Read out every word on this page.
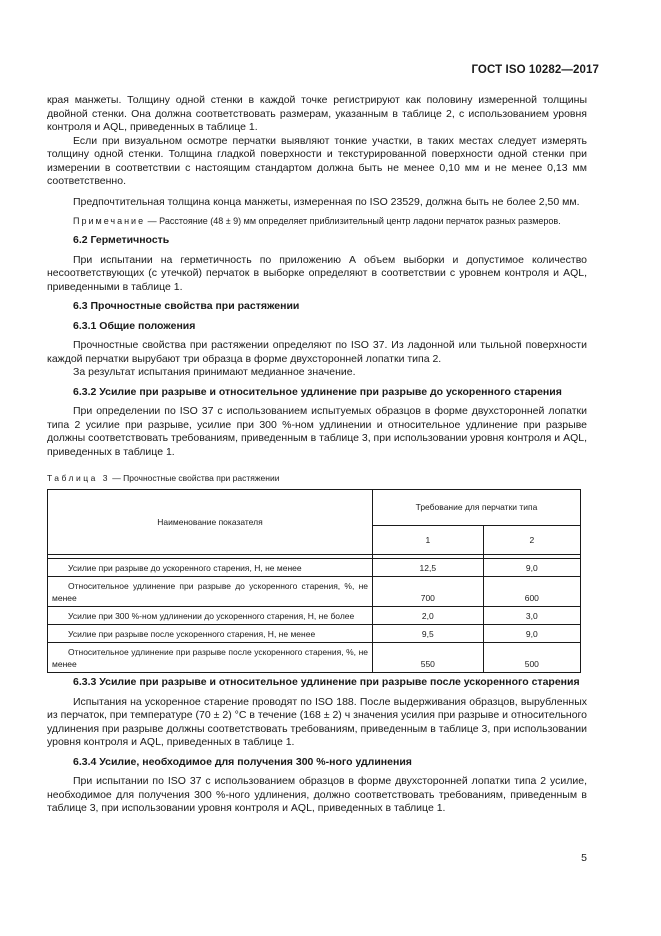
ГОСТ ISO 10282—2017

края манжеты. Толщину одной стенки в каждой точке регистрируют как половину измеренной толщины двойной стенки. Она должна соответствовать размерам, указанным в таблице 2, с использованием уровня контроля и AQL, приведенных в таблице 1.

Если при визуальном осмотре перчатки выявляют тонкие участки, в таких местах следует измерять толщину одной стенки. Толщина гладкой поверхности и текстурированной поверхности одной стенки при измерении в соответствии с настоящим стандартом должна быть не менее 0,10 мм и не менее 0,13 мм соответственно.

Предпочтительная толщина конца манжеты, измеренная по ISO 23529, должна быть не более 2,50 мм.

Примечание — Расстояние (48 ± 9) мм определяет приблизительный центр ладони перчаток разных размеров.

6.2 Герметичность

При испытании на герметичность по приложению А объем выборки и допустимое количество несоответствующих (с утечкой) перчаток в выборке определяют в соответствии с уровнем контроля и AQL, приведенными в таблице 1.

6.3 Прочностные свойства при растяжении
6.3.1 Общие положения

Прочностные свойства при растяжении определяют по ISO 37. Из ладонной или тыльной поверхности каждой перчатки вырубают три образца в форме двухсторонней лопатки типа 2.

За результат испытания принимают медианное значение.

6.3.2 Усилие при разрыве и относительное удлинение при разрыве до ускоренного старения

При определении по ISO 37 с использованием испытуемых образцов в форме двухсторонней лопатки типа 2 усилие при разрыве, усилие при 300 %-ном удлинении и относительное удлинение при разрыве должны соответствовать требованиям, приведенным в таблице 3, при использовании уровня контроля и AQL, приведенных в таблице 1.

Таблица 3 — Прочностные свойства при растяжении
Наименование показателя	Требование для перчатки типа	
	1	2

Усилие при разрыве до ускоренного старения, Н, не менее	12,5	9,0
Относительное удлинение при разрыве до ускоренного старения, %, не менее	700	600
Усилие при 300 %-ном удлинении до ускоренного старения, Н, не более	2,0	3,0
Усилие при разрыве после ускоренного старения, Н, не менее	9,5	9,0
Относительное удлинение при разрыве после ускоренного старения, %, не менее	550	500
6.3.3 Усилие при разрыве и относительное удлинение при разрыве после ускоренного старения

Испытания на ускоренное старение проводят по ISO 188. После выдерживания образцов, вырубленных из перчаток, при температуре (70 ± 2) °С в течение (168 ± 2) ч значения усилия при разрыве и относительного удлинения при разрыве должны соответствовать требованиям, приведенным в таблице 3, при использовании уровня контроля и AQL, приведенных в таблице 1.

6.3.4 Усилие, необходимое для получения 300 %-ного удлинения

При испытании по ISO 37 с использованием образцов в форме двухсторонней лопатки типа 2 усилие, необходимое для получения 300 %-ного удлинения, должно соответствовать требованиям, приведенным в таблице 3, при использовании уровня контроля и AQL, приведенных в таблице 1.

5
